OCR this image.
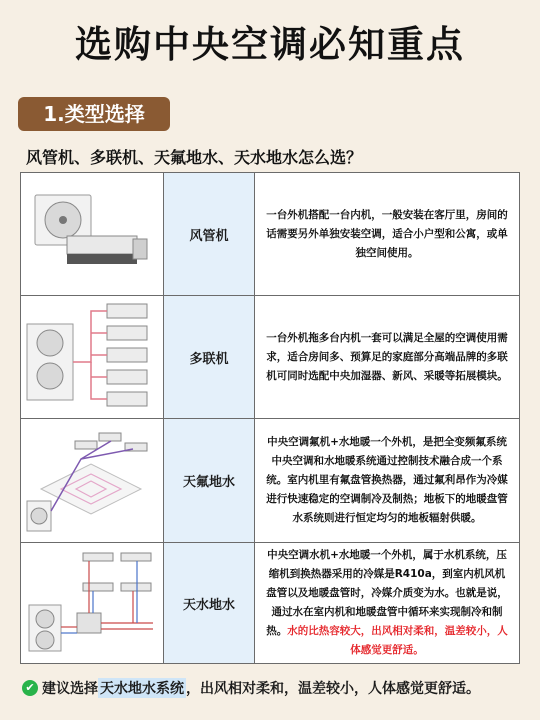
选购中央空调必知重点
1.类型选择
风管机、多联机、天氟地水、天水地水怎么选？
风管机
一台外机搭配一台内机，一般安装在客厅里，房间的话需要另外单独安装空调，适合小户型和公寓，或单独空间使用。
多联机
一台外机拖多台内机一套可以满足全屋的空调使用需求，适合房间多、预算足的家庭部分高端品牌的多联机可同时选配中央加湿器、新风、采暖等拓展模块。
天氟地水
中央空调氟机+水地暖一个外机，是把全变频氟系统中央空调和水地暖系统通过控制技术融合成一个系统。室内机里有氟盘管换热器，通过氟利昂作为冷媒进行快速稳定的空调制冷及制热；地板下的地暖盘管水系统则进行恒定均匀的地板辐射供暖。
天水地水
中央空调水机+水地暖一个外机，属于水机系统，压缩机到换热器采用的冷媒是R410a，到室内机风机盘管以及地暖盘管时，冷媒介质变为水。也就是说，通过水在室内机和地暖盘管中循环来实现制冷和制热。水的比热容较大，出风相对柔和，温差较小，人体感觉更舒适。
✔ 建议选择 天水地水系统 ，出风相对柔和，温差较小，人体感觉更舒适。
